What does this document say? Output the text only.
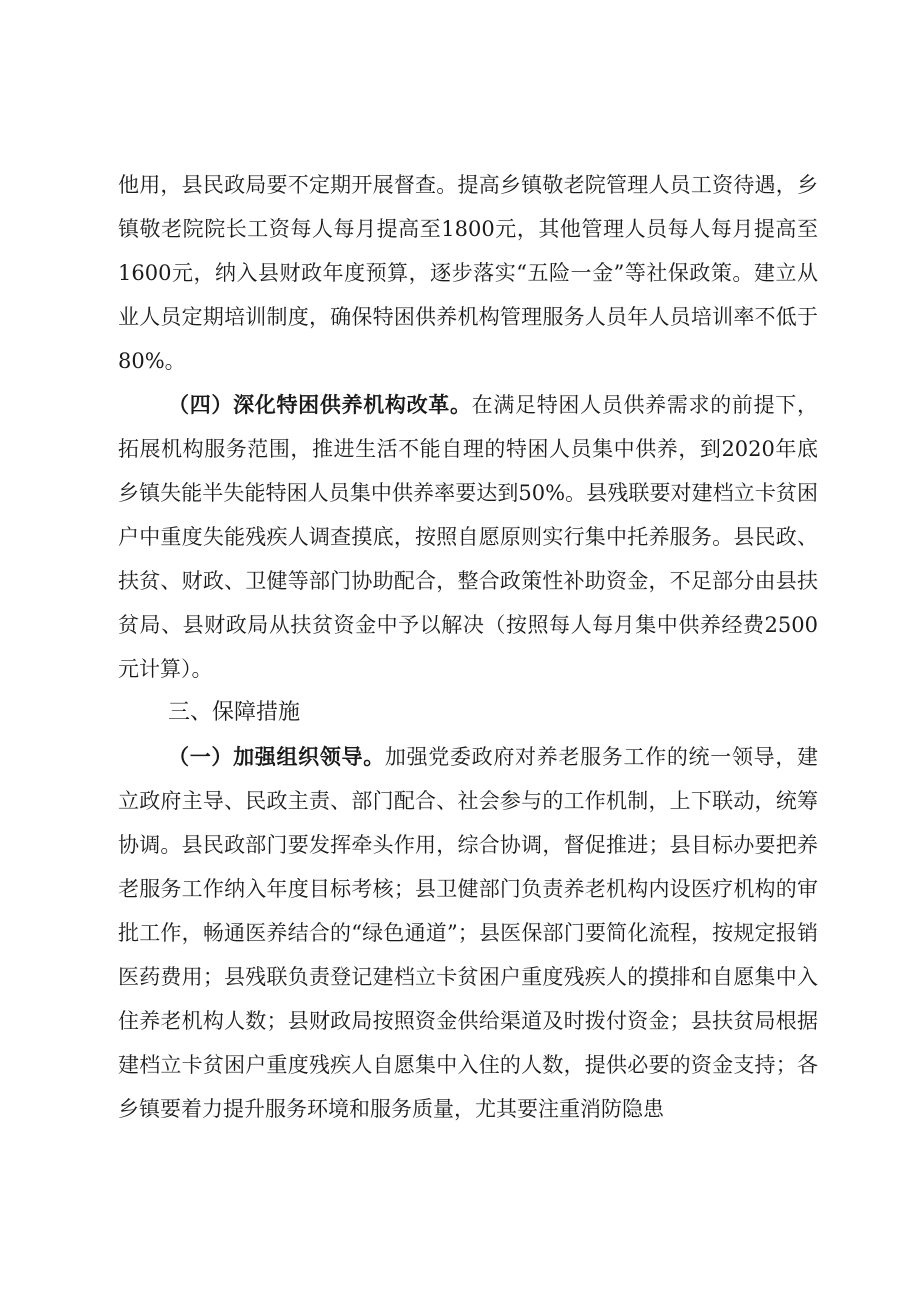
他用，县民政局要不定期开展督查。提高乡镇敬老院管理人员工资待遇，乡镇敬老院院长工资每人每月提高至1800元，其他管理人员每人每月提高至1600元，纳入县财政年度预算，逐步落实“五险一金”等社保政策。建立从业人员定期培训制度，确保特困供养机构管理服务人员年人员培训率不低于80%。

（四）深化特困供养机构改革。在满足特困人员供养需求的前提下，拓展机构服务范围，推进生活不能自理的特困人员集中供养，到2020年底乡镇失能半失能特困人员集中供养率要达到50%。县残联要对建档立卡贫困户中重度失能残疾人调查摸底，按照自愿原则实行集中托养服务。县民政、扶贫、财政、卫健等部门协助配合，整合政策性补助资金，不足部分由县扶贫局、县财政局从扶贫资金中予以解决（按照每人每月集中供养经费2500元计算）。

三、保障措施

（一）加强组织领导。加强党委政府对养老服务工作的统一领导，建立政府主导、民政主责、部门配合、社会参与的工作机制，上下联动，统筹协调。县民政部门要发挥牵头作用，综合协调，督促推进；县目标办要把养老服务工作纳入年度目标考核；县卫健部门负责养老机构内设医疗机构的审批工作，畅通医养结合的“绿色通道”；县医保部门要简化流程，按规定报销医药费用；县残联负责登记建档立卡贫困户重度残疾人的摸排和自愿集中入住养老机构人数；县财政局按照资金供给渠道及时拨付资金；县扶贫局根据建档立卡贫困户重度残疾人自愿集中入住的人数，提供必要的资金支持；各乡镇要着力提升服务环境和服务质量，尤其要注重消防隐患
